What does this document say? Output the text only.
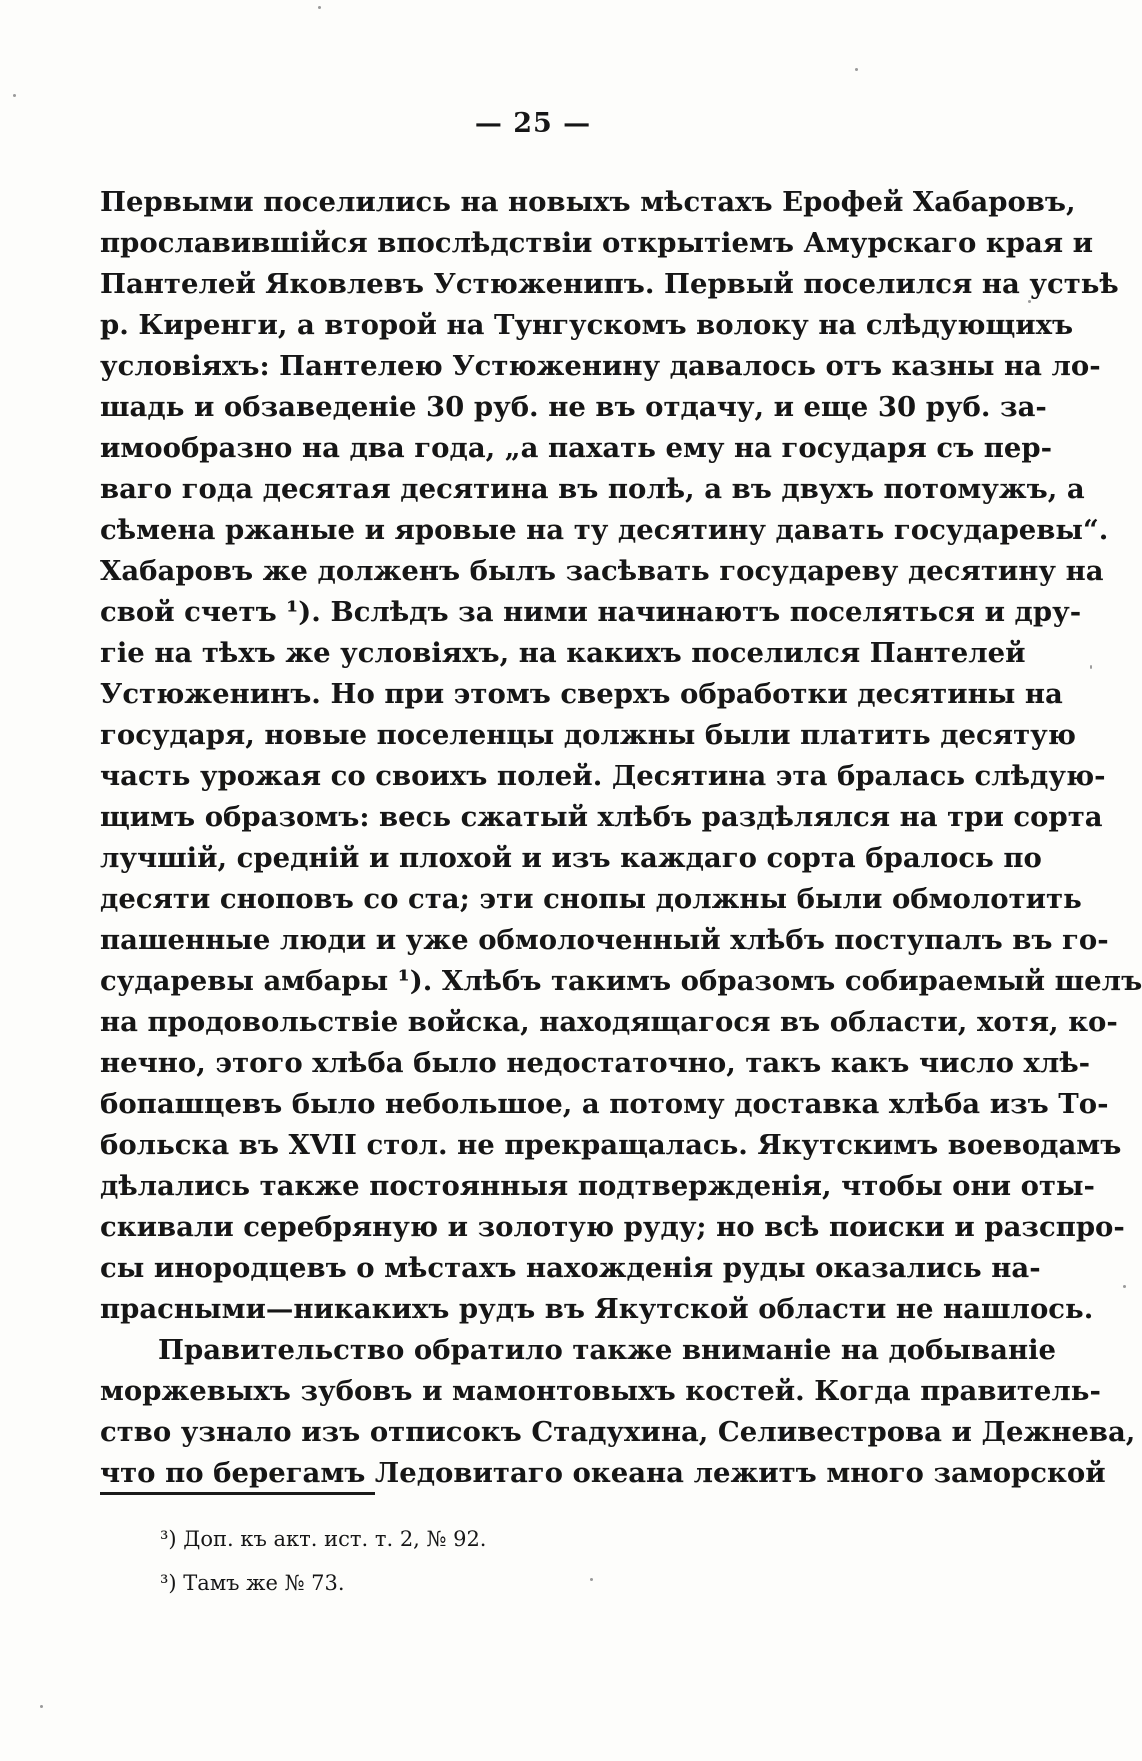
— 25 —
Первыми поселились на новыхъ мѣстахъ Ерофей Хабаровъ,
прославившійся впослѣдствіи открытіемъ Амурскаго края и
Пантелей Яковлевъ Устюженипъ. Первый поселился на устьѣ
р. Киренги, а второй на Тунгускомъ волоку на слѣдующихъ
условіяхъ: Пантелею Устюженину давалось отъ казны на ло-
шадь и обзаведеніе 30 руб. не въ отдачу, и еще 30 руб. за-
имообразно на два года, „а пахать ему на государя съ пер-
ваго года десятая десятина въ полѣ, а въ двухъ потомужъ, а
сѣмена ржаные и яровые на ту десятину давать государевы“.
Хабаровъ же долженъ былъ засѣвать государеву десятину на
свой счетъ ¹). Вслѣдъ за ними начинаютъ поселяться и дру-
гіе на тѣхъ же условіяхъ, на какихъ поселился Пантелей
Устюженинъ. Но при этомъ сверхъ обработки десятины на
государя, новые поселенцы должны были платить десятую
часть урожая со своихъ полей. Десятина эта бралась слѣдую-
щимъ образомъ: весь сжатый хлѣбъ раздѣлялся на три сорта
лучшій, средній и плохой и изъ каждаго сорта бралось по
десяти сноповъ со ста; эти снопы должны были обмолотить
пашенные люди и уже обмолоченный хлѣбъ поступалъ въ го-
сударевы амбары ¹). Хлѣбъ такимъ образомъ собираемый шелъ
на продовольствіе войска, находящагося въ области, хотя, ко-
нечно, этого хлѣба было недостаточно, такъ какъ число хлѣ-
бопашцевъ было небольшое, а потому доставка хлѣба изъ То-
больска въ XVII стол. не прекращалась. Якутскимъ воеводамъ
дѣлались также постоянныя подтвержденія, чтобы они оты-
скивали серебряную и золотую руду; но всѣ поиски и разспро-
сы инородцевъ о мѣстахъ нахожденія руды оказались на-
прасными—никакихъ рудъ въ Якутской области не нашлось.
Правительство обратило также вниманіе на добываніе
моржевыхъ зубовъ и мамонтовыхъ костей. Когда правитель-
ство узнало изъ отписокъ Стадухина, Селивестрова и Дежнева,
что по берегамъ Ледовитаго океана лежитъ много заморской
³) Доп. къ акт. ист. т. 2, № 92.
³) Тамъ же № 73.
